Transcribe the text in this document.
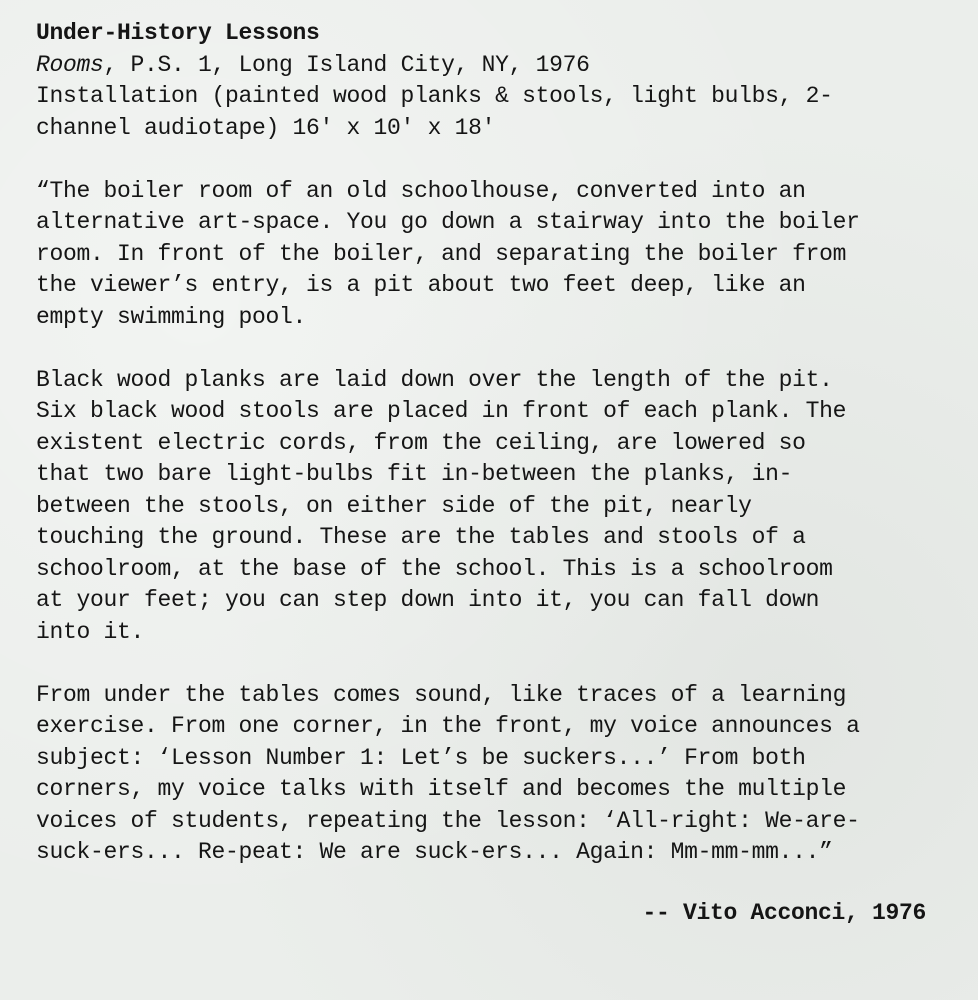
Under-History Lessons
Rooms, P.S. 1, Long Island City, NY, 1976
Installation (painted wood planks & stools, light bulbs, 2-
channel audiotape) 16′ x 10′ x 18′
“The boiler room of an old schoolhouse, converted into an
alternative art-space. You go down a stairway into the boiler
room. In front of the boiler, and separating the boiler from
the viewer’s entry, is a pit about two feet deep, like an
empty swimming pool.
Black wood planks are laid down over the length of the pit.
Six black wood stools are placed in front of each plank. The
existent electric cords, from the ceiling, are lowered so
that two bare light-bulbs fit in-between the planks, in-
between the stools, on either side of the pit, nearly
touching the ground. These are the tables and stools of a
schoolroom, at the base of the school. This is a schoolroom
at your feet; you can step down into it, you can fall down
into it.
From under the tables comes sound, like traces of a learning
exercise. From one corner, in the front, my voice announces a
subject: ‘Lesson Number 1: Let’s be suckers...’ From both
corners, my voice talks with itself and becomes the multiple
voices of students, repeating the lesson: ‘All-right: We-are-
suck-ers... Re-peat: We are suck-ers... Again: Mm-mm-mm...”
-- Vito Acconci, 1976
